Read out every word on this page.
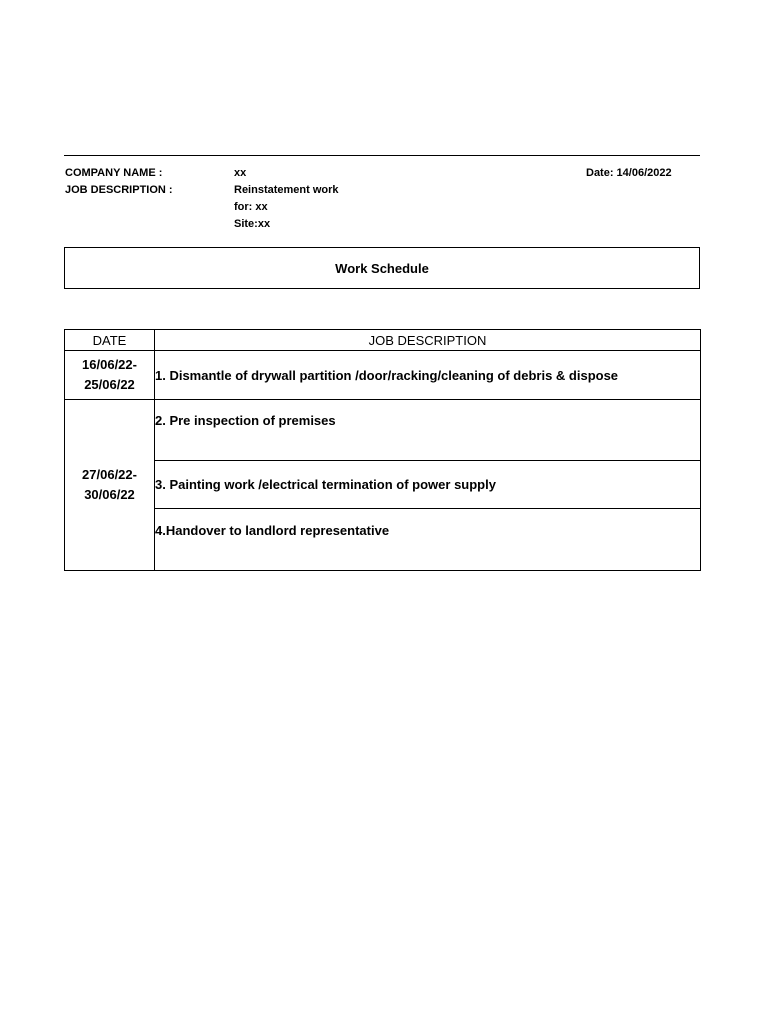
COMPANY NAME :	xx	Date: 14/06/2022
JOB DESCRIPTION :	Reinstatement work
for: xx
Site:xx
Work Schedule
DATE	JOB DESCRIPTION

16/06/22-
25/06/22	1. Dismantle of drywall partition /door/racking/cleaning of debris & dispose

27/06/22-
30/06/22	2. Pre inspection of premises
	3. Painting work /electrical termination of power supply
	4.Handover to landlord representative
